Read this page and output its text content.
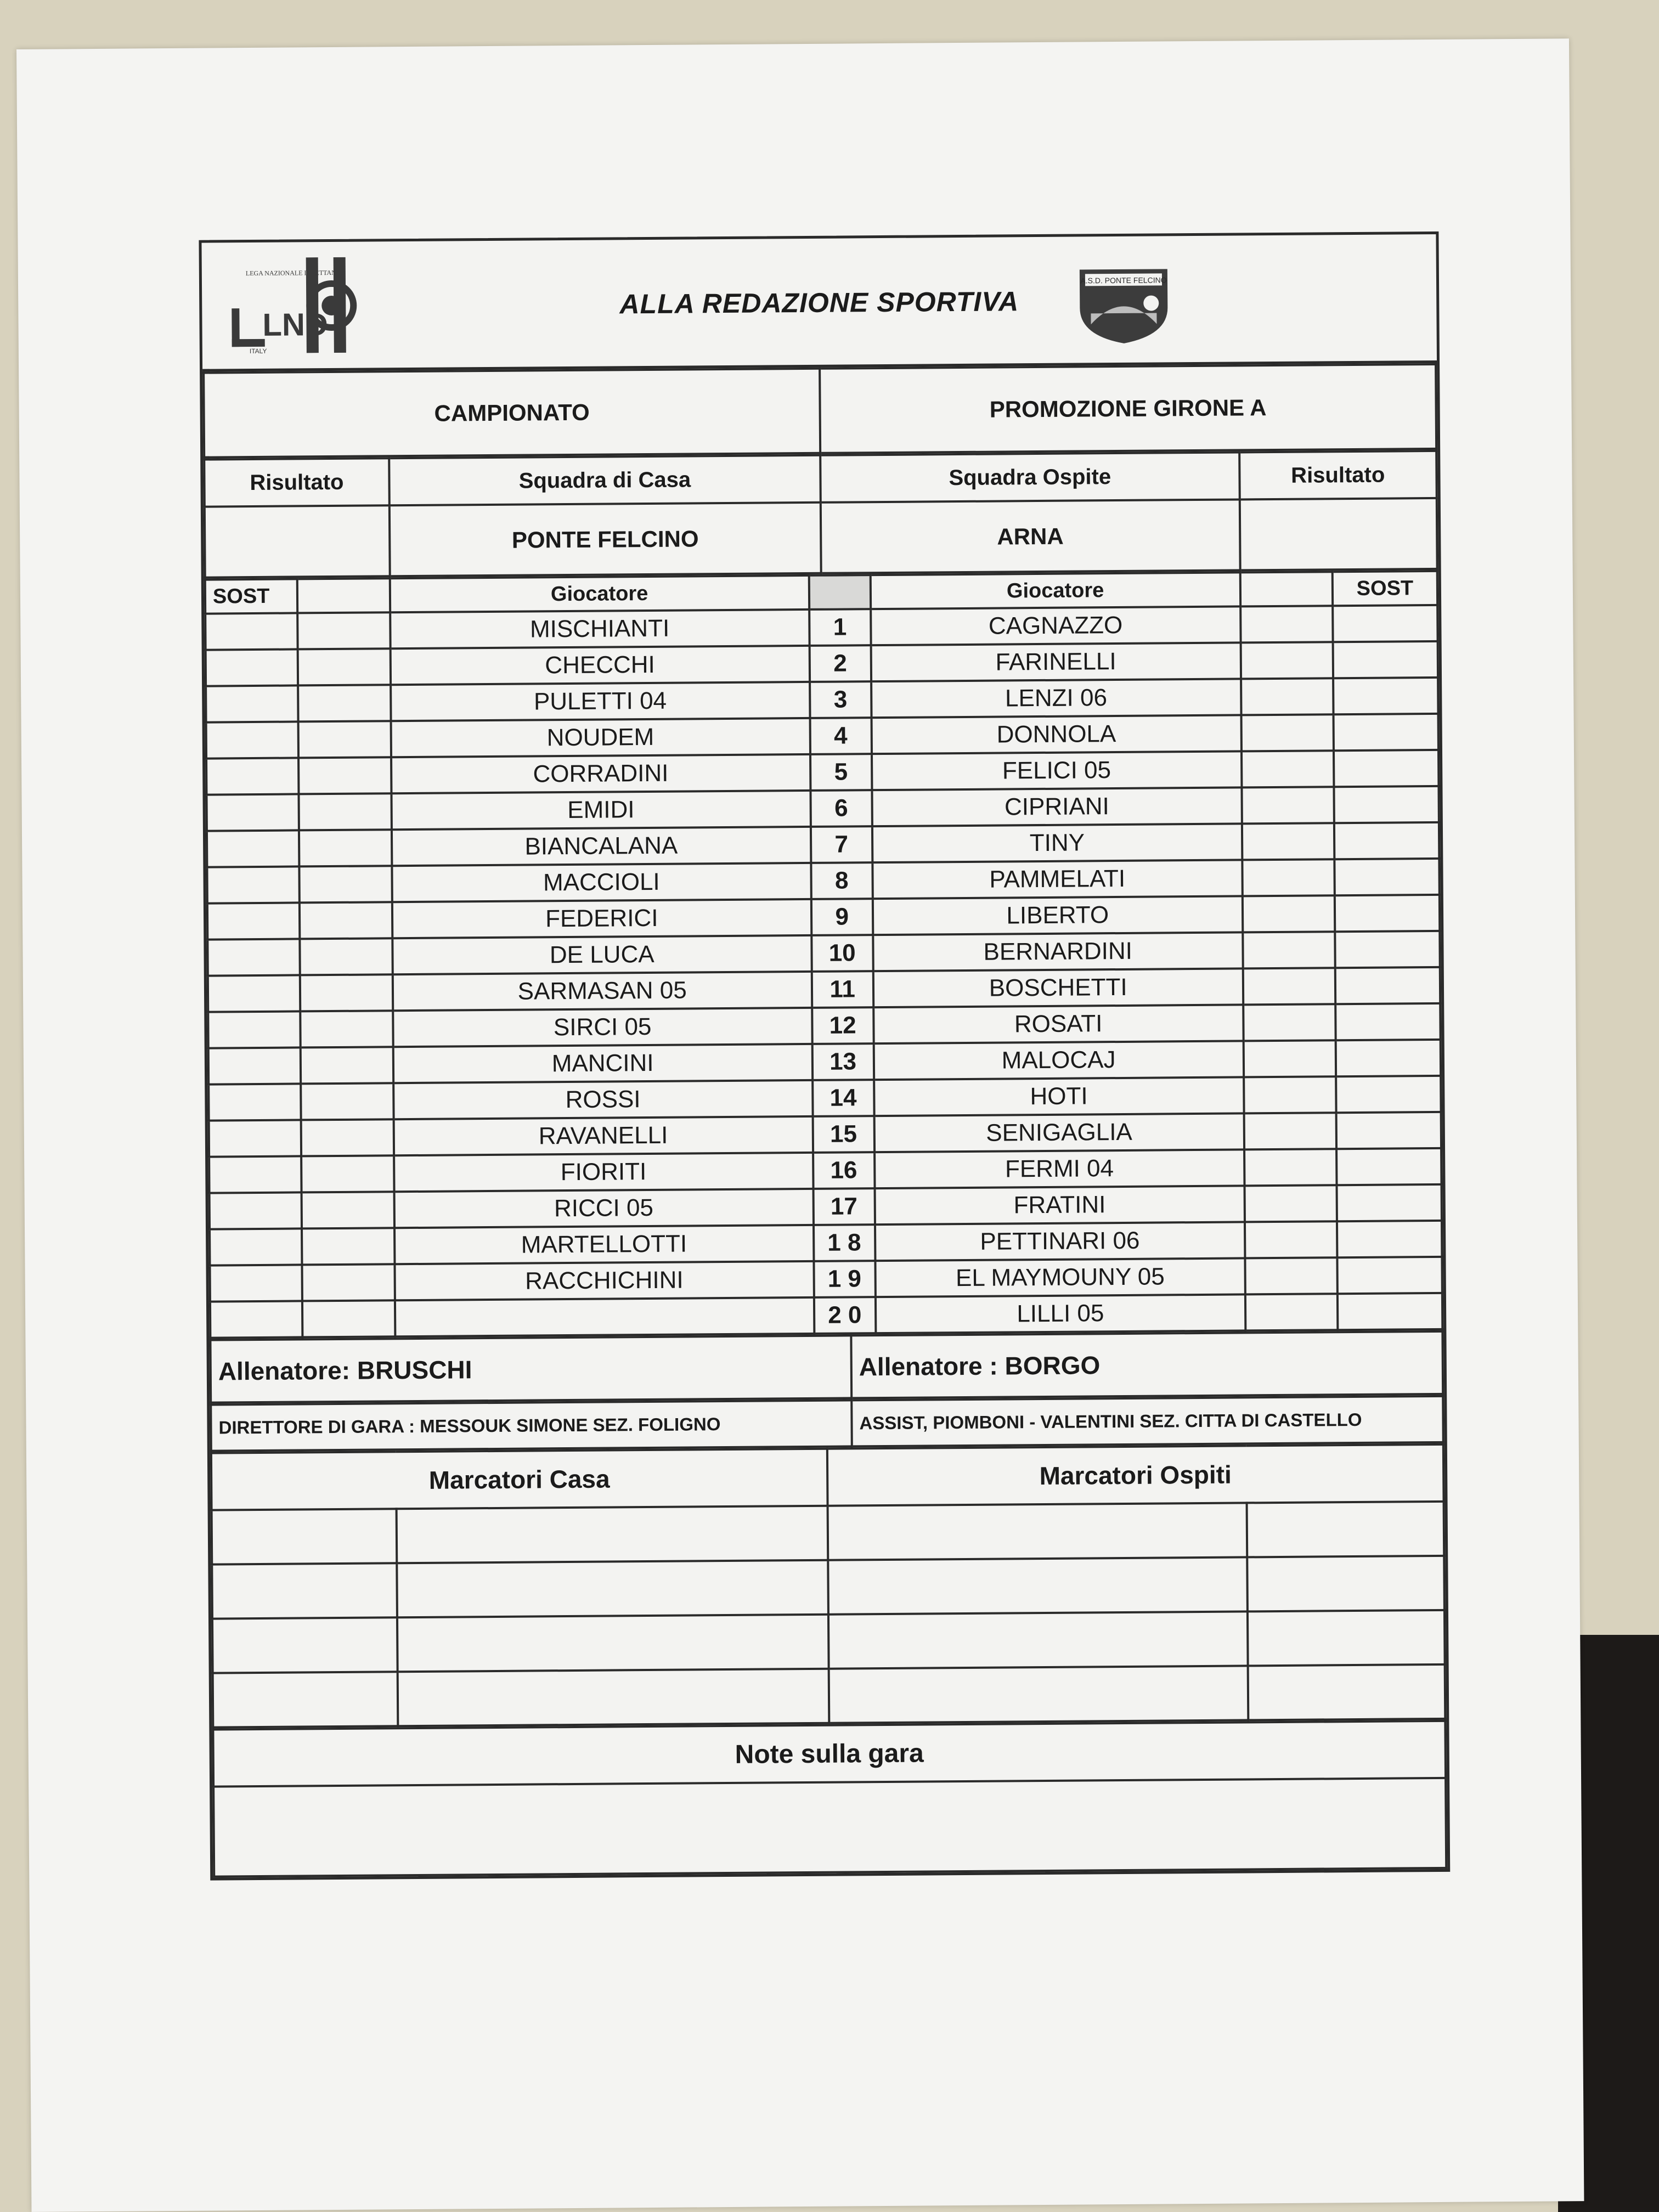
LEGA NAZIONALE DILETTANTI
ITALY
LND
ALLA REDAZIONE SPORTIVA
A.S.D. PONTE FELCINO
CAMPIONATO	PROMOZIONE GIRONE A
Risultato	Squadra di Casa	Squadra Ospite	Risultato
	PONTE FELCINO	ARNA	
SOST		Giocatore		Giocatore		SOST
		MISCHIANTI	1	CAGNAZZO		
		CHECCHI	2	FARINELLI		
		PULETTI 04	3	LENZI 06		
		NOUDEM	4	DONNOLA		
		CORRADINI	5	FELICI 05		
		EMIDI	6	CIPRIANI		
		BIANCALANA	7	TINY		
		MACCIOLI	8	PAMMELATI		
		FEDERICI	9	LIBERTO		
		DE LUCA	10	BERNARDINI		
		SARMASAN 05	11	BOSCHETTI		
		SIRCI 05	12	ROSATI		
		MANCINI	13	MALOCAJ		
		ROSSI	14	HOTI		
		RAVANELLI	15	SENIGAGLIA		
		FIORITI	16	FERMI 04		
		RICCI 05	17	FRATINI		
		MARTELLOTTI	1 8	PETTINARI 06		
		RACCHICHINI	1 9	EL MAYMOUNY 05		
			2 0	LILLI 05		
Allenatore: BRUSCHI	Allenatore : BORGO
DIRETTORE DI GARA : MESSOUK SIMONE SEZ. FOLIGNO	ASSIST, PIOMBONI - VALENTINI SEZ. CITTA DI CASTELLO
Marcatori Casa		Marcatori Ospiti	

Note sulla gara
